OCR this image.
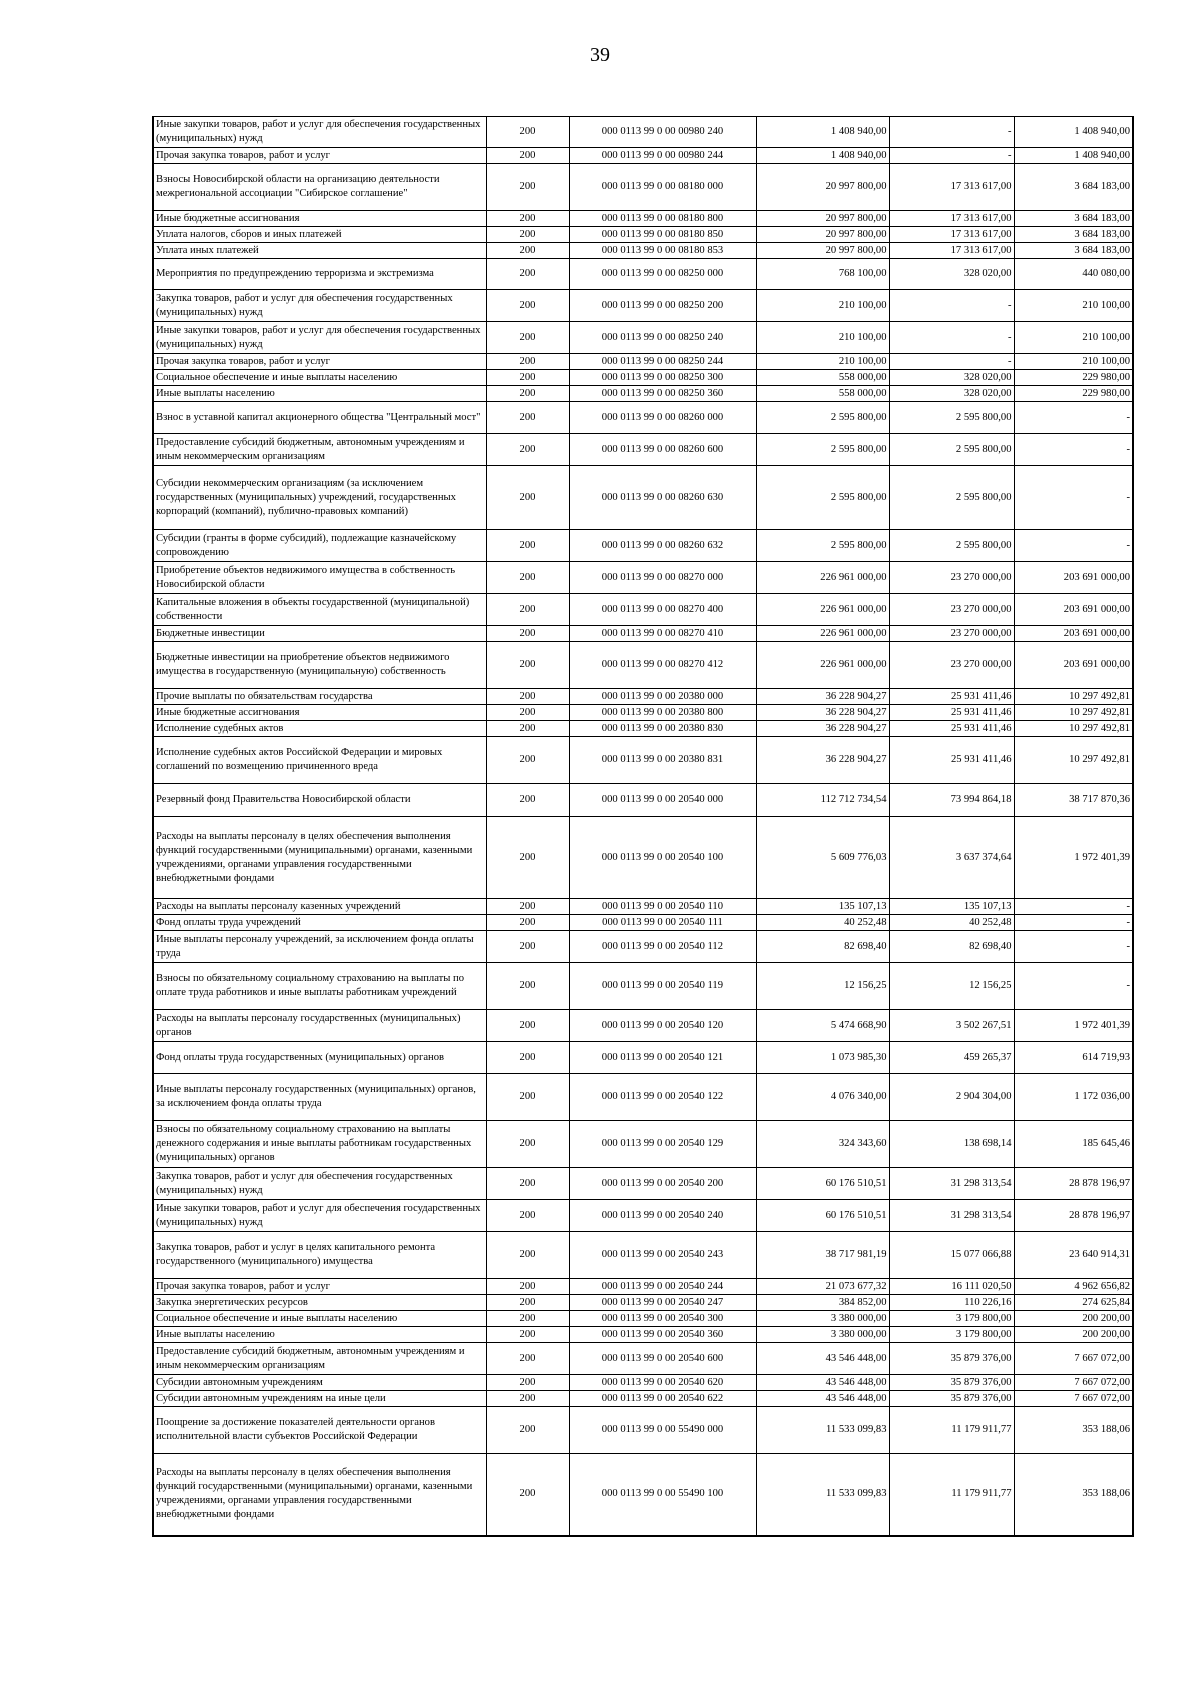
39
Иные закупки товаров, работ и услуг для обеспечения государственных (муниципальных) нужд	200	000 0113 99 0 00 00980 240	1 408 940,00	-	1 408 940,00
Прочая закупка товаров, работ и услуг	200	000 0113 99 0 00 00980 244	1 408 940,00	-	1 408 940,00
Взносы Новосибирской области на организацию деятельности межрегиональной ассоциации "Сибирское соглашение"	200	000 0113 99 0 00 08180 000	20 997 800,00	17 313 617,00	3 684 183,00
Иные бюджетные ассигнования	200	000 0113 99 0 00 08180 800	20 997 800,00	17 313 617,00	3 684 183,00
Уплата налогов, сборов и иных платежей	200	000 0113 99 0 00 08180 850	20 997 800,00	17 313 617,00	3 684 183,00
Уплата иных платежей	200	000 0113 99 0 00 08180 853	20 997 800,00	17 313 617,00	3 684 183,00
Мероприятия по предупреждению терроризма и экстремизма	200	000 0113 99 0 00 08250 000	768 100,00	328 020,00	440 080,00
Закупка товаров, работ и услуг для обеспечения государственных (муниципальных) нужд	200	000 0113 99 0 00 08250 200	210 100,00	-	210 100,00
Иные закупки товаров, работ и услуг для обеспечения государственных (муниципальных) нужд	200	000 0113 99 0 00 08250 240	210 100,00	-	210 100,00
Прочая закупка товаров, работ и услуг	200	000 0113 99 0 00 08250 244	210 100,00	-	210 100,00
Социальное обеспечение и иные выплаты населению	200	000 0113 99 0 00 08250 300	558 000,00	328 020,00	229 980,00
Иные выплаты населению	200	000 0113 99 0 00 08250 360	558 000,00	328 020,00	229 980,00
Взнос в уставной капитал акционерного общества "Центральный мост"	200	000 0113 99 0 00 08260 000	2 595 800,00	2 595 800,00	-
Предоставление субсидий бюджетным, автономным учреждениям и иным некоммерческим организациям	200	000 0113 99 0 00 08260 600	2 595 800,00	2 595 800,00	-
Субсидии некоммерческим организациям (за исключением государственных (муниципальных) учреждений, государственных корпораций (компаний), публично-правовых компаний)	200	000 0113 99 0 00 08260 630	2 595 800,00	2 595 800,00	-
Субсидии (гранты в форме субсидий), подлежащие казначейскому сопровождению	200	000 0113 99 0 00 08260 632	2 595 800,00	2 595 800,00	-
Приобретение объектов недвижимого имущества в собственность Новосибирской области	200	000 0113 99 0 00 08270 000	226 961 000,00	23 270 000,00	203 691 000,00
Капитальные вложения в объекты государственной (муниципальной) собственности	200	000 0113 99 0 00 08270 400	226 961 000,00	23 270 000,00	203 691 000,00
Бюджетные инвестиции	200	000 0113 99 0 00 08270 410	226 961 000,00	23 270 000,00	203 691 000,00
Бюджетные инвестиции на приобретение объектов недвижимого имущества в государственную (муниципальную) собственность	200	000 0113 99 0 00 08270 412	226 961 000,00	23 270 000,00	203 691 000,00
Прочие выплаты по обязательствам государства	200	000 0113 99 0 00 20380 000	36 228 904,27	25 931 411,46	10 297 492,81
Иные бюджетные ассигнования	200	000 0113 99 0 00 20380 800	36 228 904,27	25 931 411,46	10 297 492,81
Исполнение судебных актов	200	000 0113 99 0 00 20380 830	36 228 904,27	25 931 411,46	10 297 492,81
Исполнение судебных актов Российской Федерации и мировых соглашений по возмещению причиненного вреда	200	000 0113 99 0 00 20380 831	36 228 904,27	25 931 411,46	10 297 492,81
Резервный фонд Правительства Новосибирской области	200	000 0113 99 0 00 20540 000	112 712 734,54	73 994 864,18	38 717 870,36
Расходы на выплаты персоналу в целях обеспечения выполнения функций государственными (муниципальными) органами, казенными учреждениями, органами управления государственными внебюджетными фондами	200	000 0113 99 0 00 20540 100	5 609 776,03	3 637 374,64	1 972 401,39
Расходы на выплаты персоналу казенных учреждений	200	000 0113 99 0 00 20540 110	135 107,13	135 107,13	-
Фонд оплаты труда учреждений	200	000 0113 99 0 00 20540 111	40 252,48	40 252,48	-
Иные выплаты персоналу учреждений, за исключением фонда оплаты труда	200	000 0113 99 0 00 20540 112	82 698,40	82 698,40	-
Взносы по обязательному социальному страхованию на выплаты по оплате труда работников и иные выплаты работникам учреждений	200	000 0113 99 0 00 20540 119	12 156,25	12 156,25	-
Расходы на выплаты персоналу государственных (муниципальных) органов	200	000 0113 99 0 00 20540 120	5 474 668,90	3 502 267,51	1 972 401,39
Фонд оплаты труда государственных (муниципальных) органов	200	000 0113 99 0 00 20540 121	1 073 985,30	459 265,37	614 719,93
Иные выплаты персоналу государственных (муниципальных) органов, за исключением фонда оплаты труда	200	000 0113 99 0 00 20540 122	4 076 340,00	2 904 304,00	1 172 036,00
Взносы по обязательному социальному страхованию на выплаты денежного содержания и иные выплаты работникам государственных (муниципальных) органов	200	000 0113 99 0 00 20540 129	324 343,60	138 698,14	185 645,46
Закупка товаров, работ и услуг для обеспечения государственных (муниципальных) нужд	200	000 0113 99 0 00 20540 200	60 176 510,51	31 298 313,54	28 878 196,97
Иные закупки товаров, работ и услуг для обеспечения государственных (муниципальных) нужд	200	000 0113 99 0 00 20540 240	60 176 510,51	31 298 313,54	28 878 196,97
Закупка товаров, работ и услуг в целях капитального ремонта государственного (муниципального) имущества	200	000 0113 99 0 00 20540 243	38 717 981,19	15 077 066,88	23 640 914,31
Прочая закупка товаров, работ и услуг	200	000 0113 99 0 00 20540 244	21 073 677,32	16 111 020,50	4 962 656,82
Закупка энергетических ресурсов	200	000 0113 99 0 00 20540 247	384 852,00	110 226,16	274 625,84
Социальное обеспечение и иные выплаты населению	200	000 0113 99 0 00 20540 300	3 380 000,00	3 179 800,00	200 200,00
Иные выплаты населению	200	000 0113 99 0 00 20540 360	3 380 000,00	3 179 800,00	200 200,00
Предоставление субсидий бюджетным, автономным учреждениям и иным некоммерческим организациям	200	000 0113 99 0 00 20540 600	43 546 448,00	35 879 376,00	7 667 072,00
Субсидии автономным учреждениям	200	000 0113 99 0 00 20540 620	43 546 448,00	35 879 376,00	7 667 072,00
Субсидии автономным учреждениям на иные цели	200	000 0113 99 0 00 20540 622	43 546 448,00	35 879 376,00	7 667 072,00
Поощрение за достижение показателей деятельности органов исполнительной власти субъектов Российской Федерации	200	000 0113 99 0 00 55490 000	11 533 099,83	11 179 911,77	353 188,06
Расходы на выплаты персоналу в целях обеспечения выполнения функций государственными (муниципальными) органами, казенными учреждениями, органами управления государственными внебюджетными фондами	200	000 0113 99 0 00 55490 100	11 533 099,83	11 179 911,77	353 188,06
